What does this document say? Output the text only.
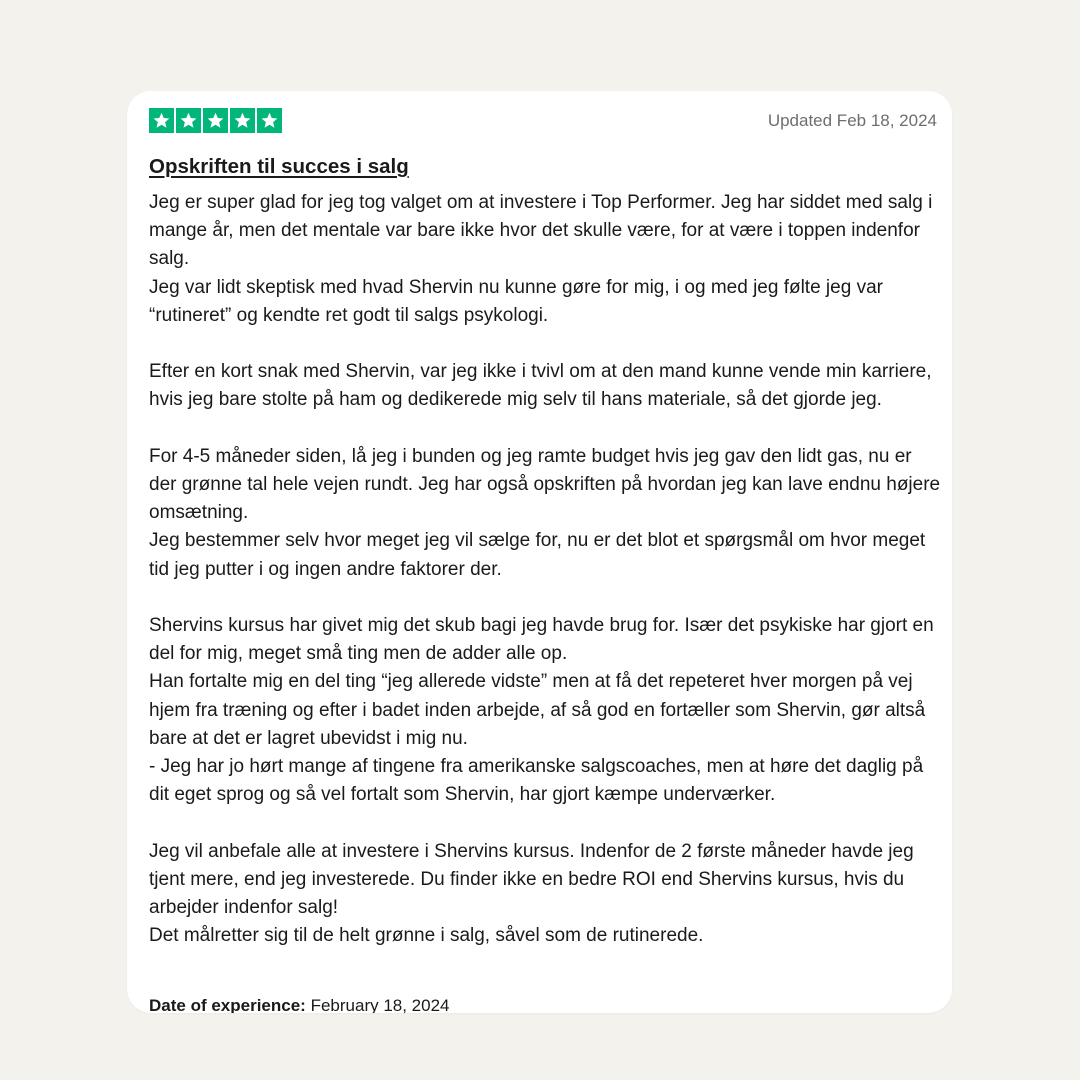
Updated Feb 18, 2024
Opskriften til succes i salg

Jeg er super glad for jeg tog valget om at investere i Top Performer. Jeg har siddet med salg i mange år, men det mentale var bare ikke hvor det skulle være, for at være i toppen indenfor salg.
Jeg var lidt skeptisk med hvad Shervin nu kunne gøre for mig, i og med jeg følte jeg var “rutineret” og kendte ret godt til salgs psykologi.

Efter en kort snak med Shervin, var jeg ikke i tvivl om at den mand kunne vende min karriere, hvis jeg bare stolte på ham og dedikerede mig selv til hans materiale, så det gjorde jeg.

For 4-5 måneder siden, lå jeg i bunden og jeg ramte budget hvis jeg gav den lidt gas, nu er der grønne tal hele vejen rundt. Jeg har også opskriften på hvordan jeg kan lave endnu højere omsætning.
Jeg bestemmer selv hvor meget jeg vil sælge for, nu er det blot et spørgsmål om hvor meget tid jeg putter i og ingen andre faktorer der.

Shervins kursus har givet mig det skub bagi jeg havde brug for. Især det psykiske har gjort en del for mig, meget små ting men de adder alle op.
Han fortalte mig en del ting “jeg allerede vidste” men at få det repeteret hver morgen på vej hjem fra træning og efter i badet inden arbejde, af så god en fortæller som Shervin, gør altså bare at det er lagret ubevidst i mig nu.
- Jeg har jo hørt mange af tingene fra amerikanske salgscoaches, men at høre det daglig på dit eget sprog og så vel fortalt som Shervin, har gjort kæmpe underværker.

Jeg vil anbefale alle at investere i Shervins kursus. Indenfor de 2 første måneder havde jeg tjent mere, end jeg investerede. Du finder ikke en bedre ROI end Shervins kursus, hvis du arbejder indenfor salg!
Det målretter sig til de helt grønne i salg, såvel som de rutinerede.

Date of experience: February 18, 2024
